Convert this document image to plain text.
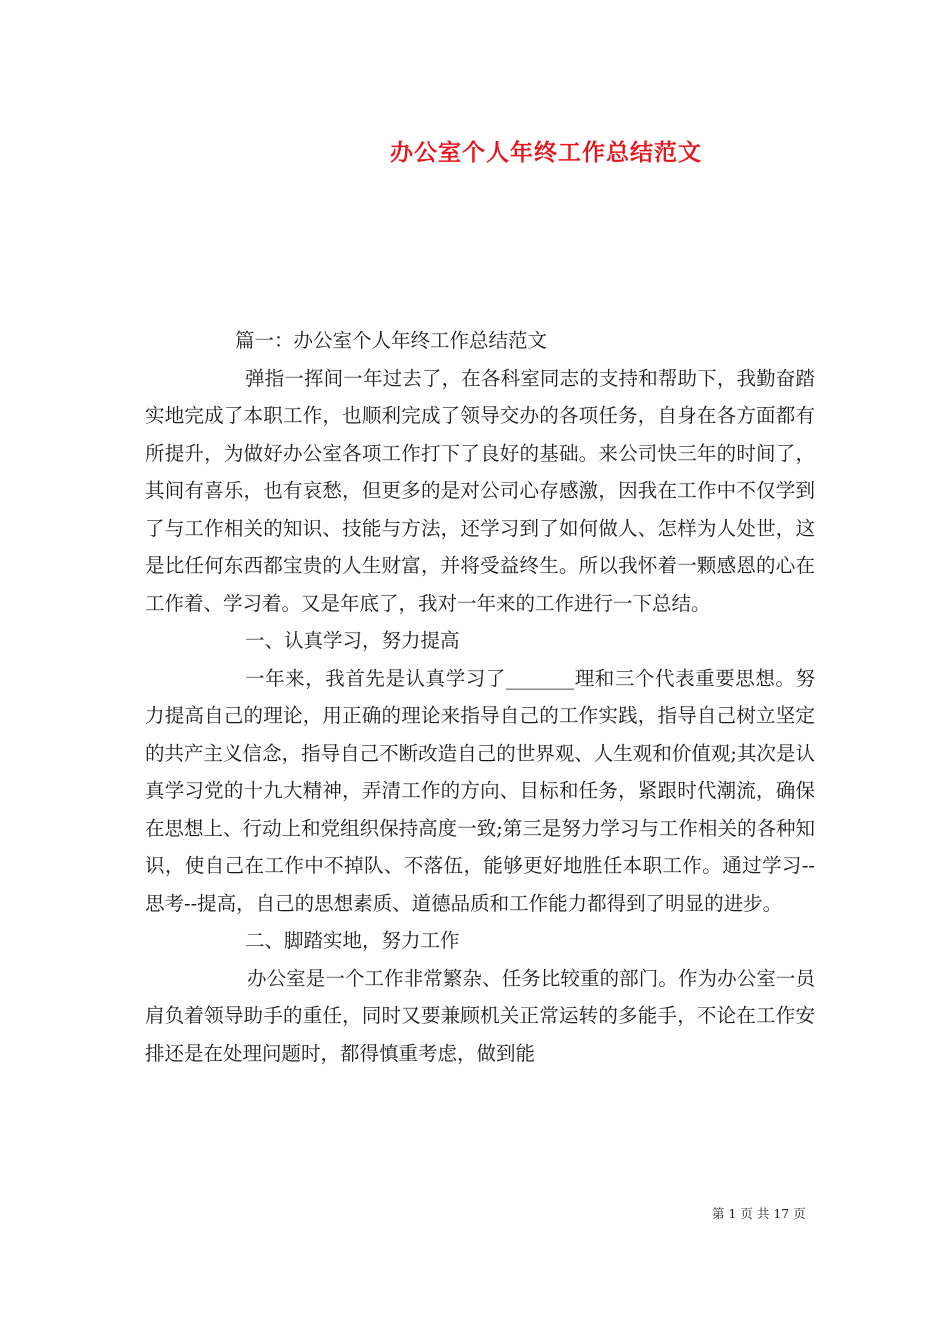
办公室个人年终工作总结范文

篇一：办公室个人年终工作总结范文

弹指一挥间一年过去了，在各科室同志的支持和帮助下，我勤奋踏实地完成了本职工作，也顺利完成了领导交办的各项任务，自身在各方面都有所提升，为做好办公室各项工作打下了良好的基础。来公司快三年的时间了，其间有喜乐，也有哀愁，但更多的是对公司心存感激，因我在工作中不仅学到了与工作相关的知识、技能与方法，还学习到了如何做人、怎样为人处世，这是比任何东西都宝贵的人生财富，并将受益终生。所以我怀着一颗感恩的心在工作着、学习着。又是年底了，我对一年来的工作进行一下总结。

一、认真学习，努力提高

一年来，我首先是认真学习了_______理和三个代表重要思想。努力提高自己的理论，用正确的理论来指导自己的工作实践，指导自己树立坚定的共产主义信念，指导自己不断改造自己的世界观、人生观和价值观;其次是认真学习党的十九大精神，弄清工作的方向、目标和任务，紧跟时代潮流，确保在思想上、行动上和党组织保持高度一致;第三是努力学习与工作相关的各种知识，使自己在工作中不掉队、不落伍，能够更好地胜任本职工作。通过学习--思考--提高，自己的思想素质、道德品质和工作能力都得到了明显的进步。

二、脚踏实地，努力工作

办公室是一个工作非常繁杂、任务比较重的部门。作为办公室一员肩负着领导助手的重任，同时又要兼顾机关正常运转的多能手，不论在工作安排还是在处理问题时，都得慎重考虑，做到能

第 1 页 共 17 页
